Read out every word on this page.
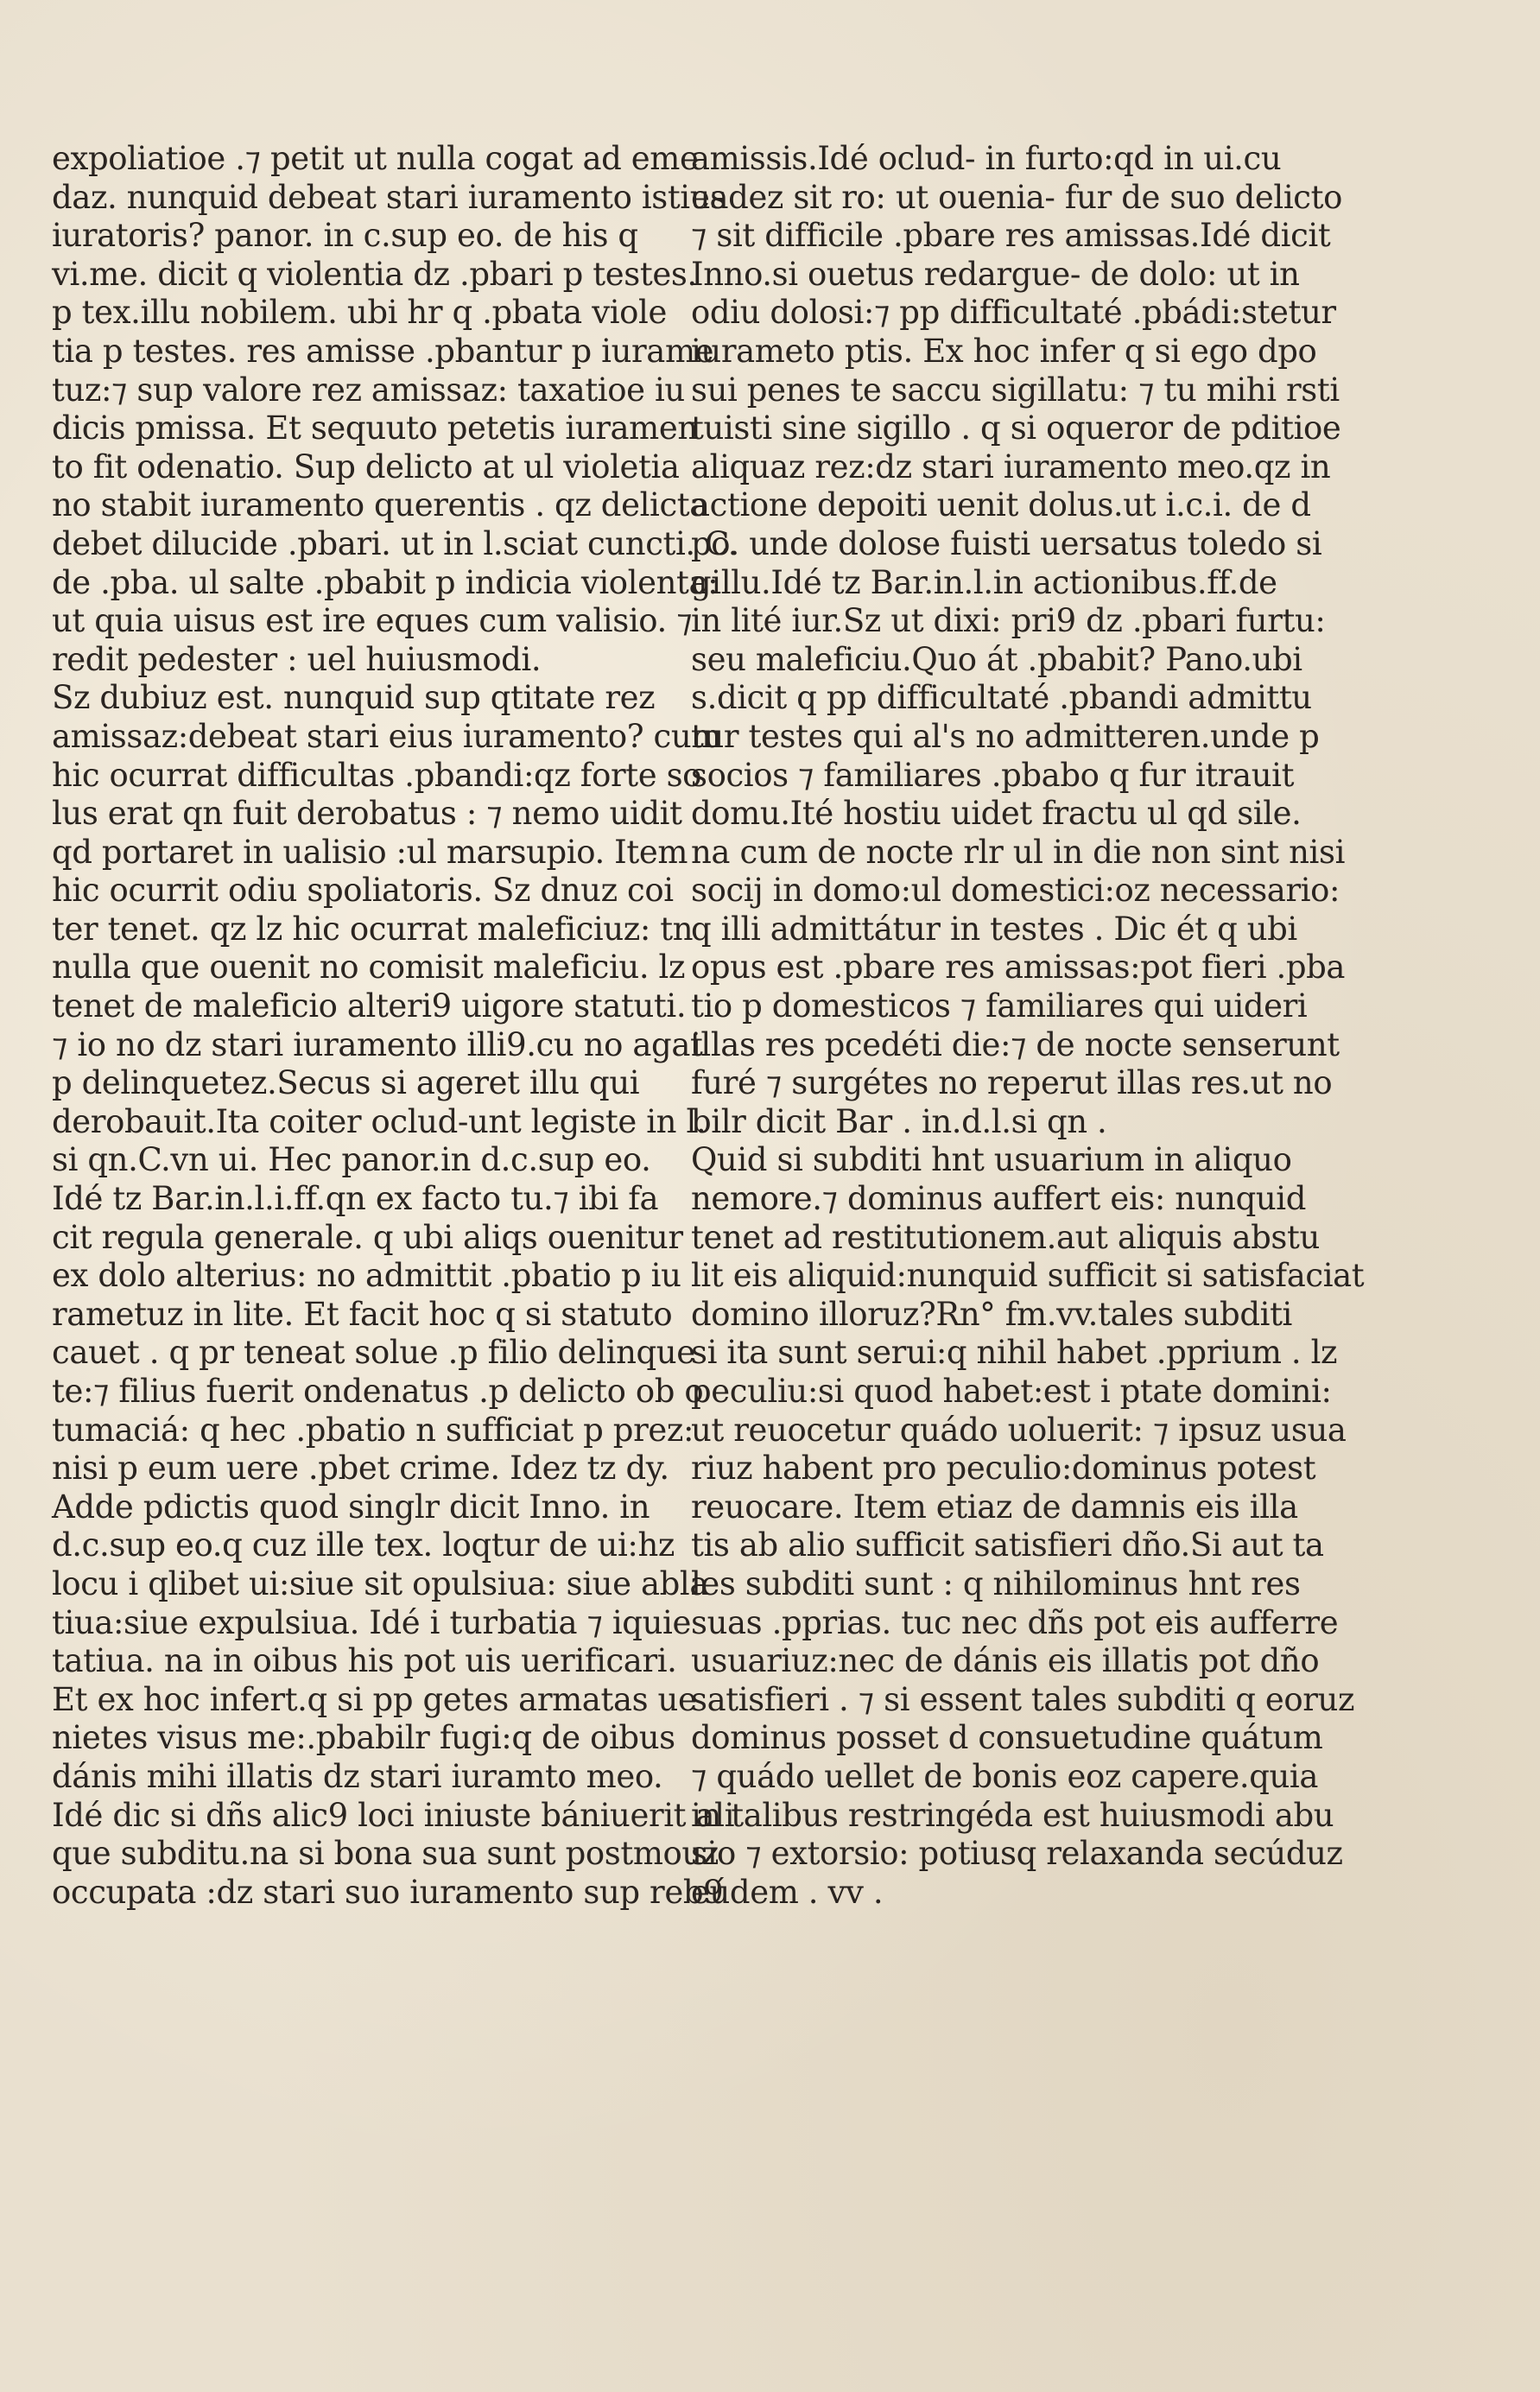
expoliatioe .⁊ petit ut nulla cogat ad eme
daz. nunquid debeat stari iuramento istius
iuratoris? panor. in c.sup eo. de his q
vi.me. dicit q violentia dz .pbari p testes.
p tex.illu nobilem. ubi hr q .pbata viole
tia p testes. res amisse .pbantur p iurame
tuz:⁊ sup valore rez amissaz: taxatioe iu
dicis pmissa. Et sequuto petetis iuramen
to fit odenatio. Sup delicto at ul violetia
no stabit iuramento querentis . qz delicta
debet dilucide .pbari. ut in l.sciat cuncti. C.
de .pba. ul salte .pbabit p indicia violenta:
ut quia uisus est ire eques cum valisio. ⁊
redit pedester : uel huiusmodi.
Sz dubiuz est. nunquid sup qtitate rez
amissaz:debeat stari eius iuramento? cum
hic ocurrat difficultas .pbandi:qz forte so
lus erat qn fuit derobatus : ⁊ nemo uidit
qd portaret in ualisio :ul marsupio. Item
hic ocurrit odiu spoliatoris. Sz dnuz coi
ter tenet. qz lz hic ocurrat maleficiuz: tn
nulla que ouenit no comisit maleficiu. lz
tenet de maleficio alteri9 uigore statuti.
⁊ io no dz stari iuramento illi9.cu no agat
p delinquetez.Secus si ageret illu qui
derobauit.Ita coiter oclud-unt legiste in l.
si qn.C.vn ui. Hec panor.in d.c.sup eo.
Idé tz Bar.in.l.i.ff.qn ex facto tu.⁊ ibi fa
cit regula generale. q ubi aliqs ouenitur
ex dolo alterius: no admittit .pbatio p iu
rametuz in lite. Et facit hoc q si statuto
cauet . q pr teneat solue .p filio delinque
te:⁊ filius fuerit ondenatus .p delicto ob o
tumaciá: q hec .pbatio n sufficiat p prez:
nisi p eum uere .pbet crime. Idez tz dy.
Adde pdictis quod singlr dicit Inno. in
d.c.sup eo.q cuz ille tex. loqtur de ui:hz
locu i qlibet ui:siue sit opulsiua: siue abla
tiua:siue expulsiua. Idé i turbatia ⁊ iquie
tatiua. na in oibus his pot uis uerificari.
Et ex hoc infert.q si pp getes armatas ue
nietes visus me:.pbabilr fugi:q de oibus
dánis mihi illatis dz stari iuramto meo.
Idé dic si dñs alic9 loci iniuste bániuerit ali
que subditu.na si bona sua sunt postmouz
occupata :dz stari suo iuramento sup reb9
amissis.Idé oclud- in furto:qd in ui.cu
eadez sit ro: ut ouenia- fur de suo delicto
⁊ sit difficile .pbare res amissas.Idé dicit
Inno.si ouetus redargue- de dolo: ut in
odiu dolosi:⁊ pp difficultaté .pbádi:stetur
iurameto ptis. Ex hoc infer q si ego dpo
sui penes te saccu sigillatu: ⁊ tu mihi rsti
tuisti sine sigillo . q si oqueror de pditioe
aliquaz rez:dz stari iuramento meo.qz in
actione depoiti uenit dolus.ut i.c.i. de d
po. unde dolose fuisti uersatus toledo si
gillu.Idé tz Bar.in.l.in actionibus.ff.de
in lité iur.Sz ut dixi: pri9 dz .pbari furtu:
seu maleficiu.Quo át .pbabit? Pano.ubi
s.dicit q pp difficultaté .pbandi admittu
tur testes qui al's no admitteren.unde p
socios ⁊ familiares .pbabo q fur itrauit
domu.Ité hostiu uidet fractu ul qd sile.
na cum de nocte rlr ul in die non sint nisi
socij in domo:ul domestici:oz necessario:
q illi admittátur in testes . Dic ét q ubi
opus est .pbare res amissas:pot fieri .pba
tio p domesticos ⁊ familiares qui uideri
illas res pcedéti die:⁊ de nocte senserunt
furé ⁊ surgétes no reperut illas res.ut no
bilr dicit Bar . in.d.l.si qn .
Quid si subditi hnt usuarium in aliquo
nemore.⁊ dominus auffert eis: nunquid
tenet ad restitutionem.aut aliquis abstu
lit eis aliquid:nunquid sufficit si satisfaciat
domino illoruz?Rn° fm.vv.tales subditi
si ita sunt serui:q nihil habet .pprium . lz
peculiu:si quod habet:est i ptate domini:
ut reuocetur quádo uoluerit: ⁊ ipsuz usua
riuz habent pro peculio:dominus potest
reuocare. Item etiaz de damnis eis illa
tis ab alio sufficit satisfieri dño.Si aut ta
les subditi sunt : q nihilominus hnt res
suas .pprias. tuc nec dñs pot eis aufferre
usuariuz:nec de dánis eis illatis pot dño
satisfieri . ⁊ si essent tales subditi q eoruz
dominus posset d consuetudine quátum
⁊ quádo uellet de bonis eoz capere.quia
in talibus restringéda est huiusmodi abu
sio ⁊ extorsio: potiusq relaxanda secúduz
eúdem . vv .
